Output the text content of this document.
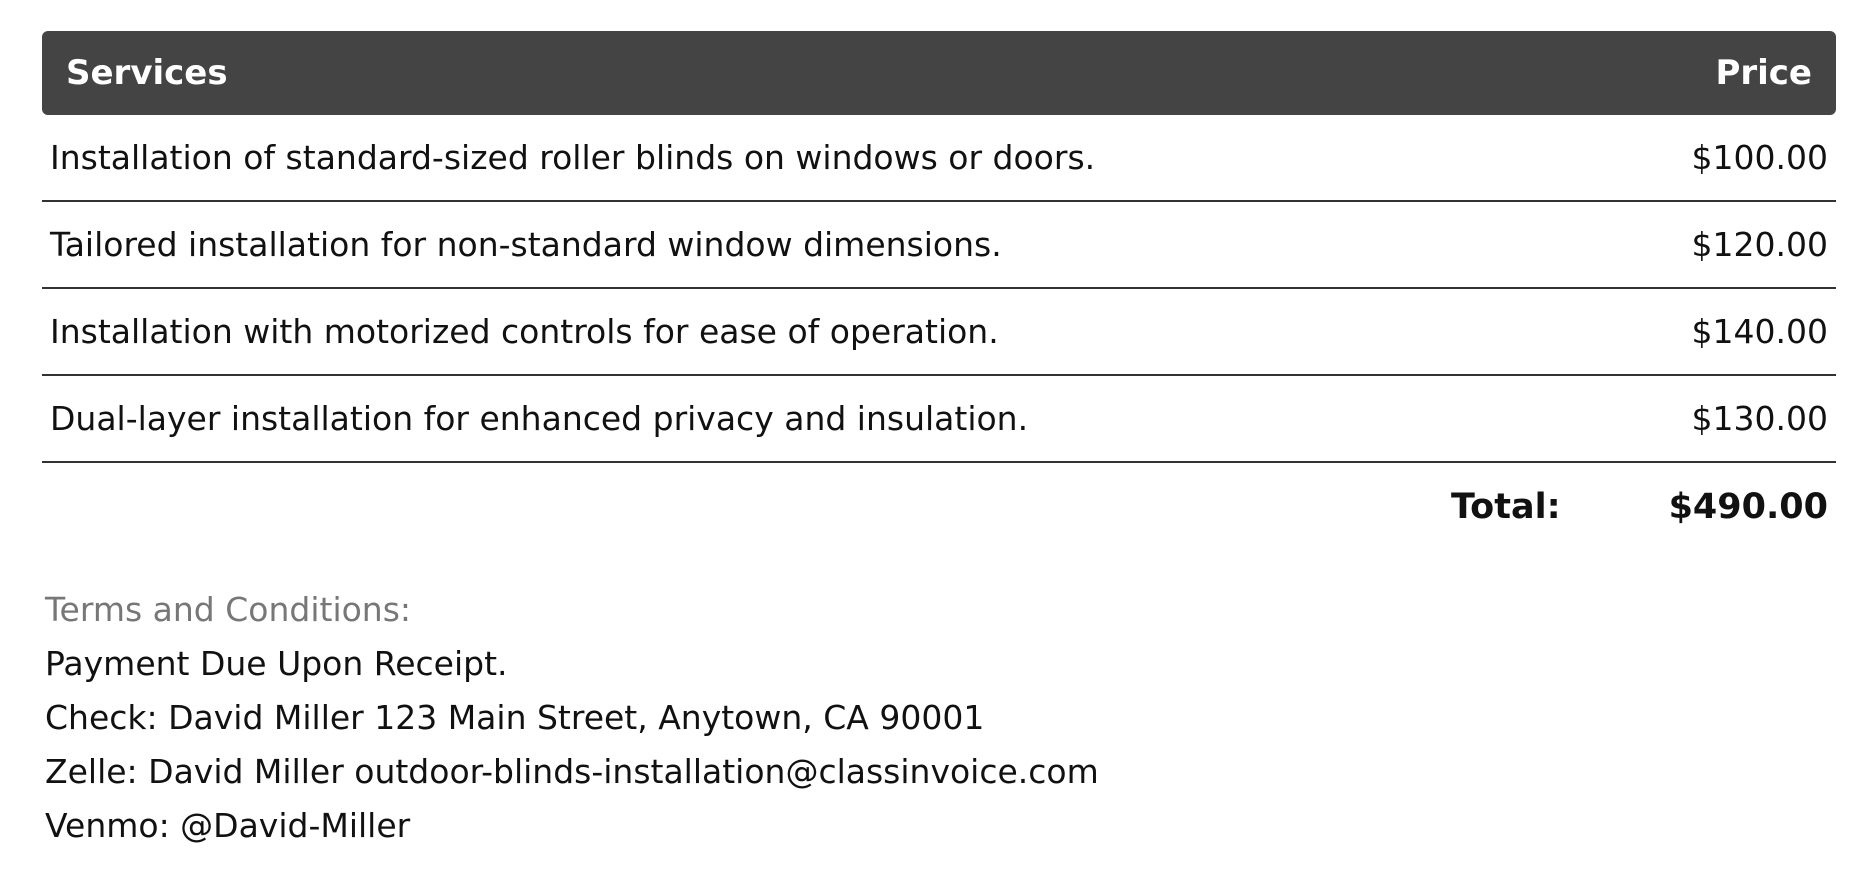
Services	Price
Installation of standard-sized roller blinds on windows or doors.	$100.00
Tailored installation for non-standard window dimensions.	$120.00
Installation with motorized controls for ease of operation.	$140.00
Dual-layer installation for enhanced privacy and insulation.	$130.00
Total:	$490.00
Terms and Conditions:
Payment Due Upon Receipt.
Check: David Miller 123 Main Street, Anytown, CA 90001
Zelle: David Miller outdoor-blinds-installation@classinvoice.com
Venmo: @David-Miller
